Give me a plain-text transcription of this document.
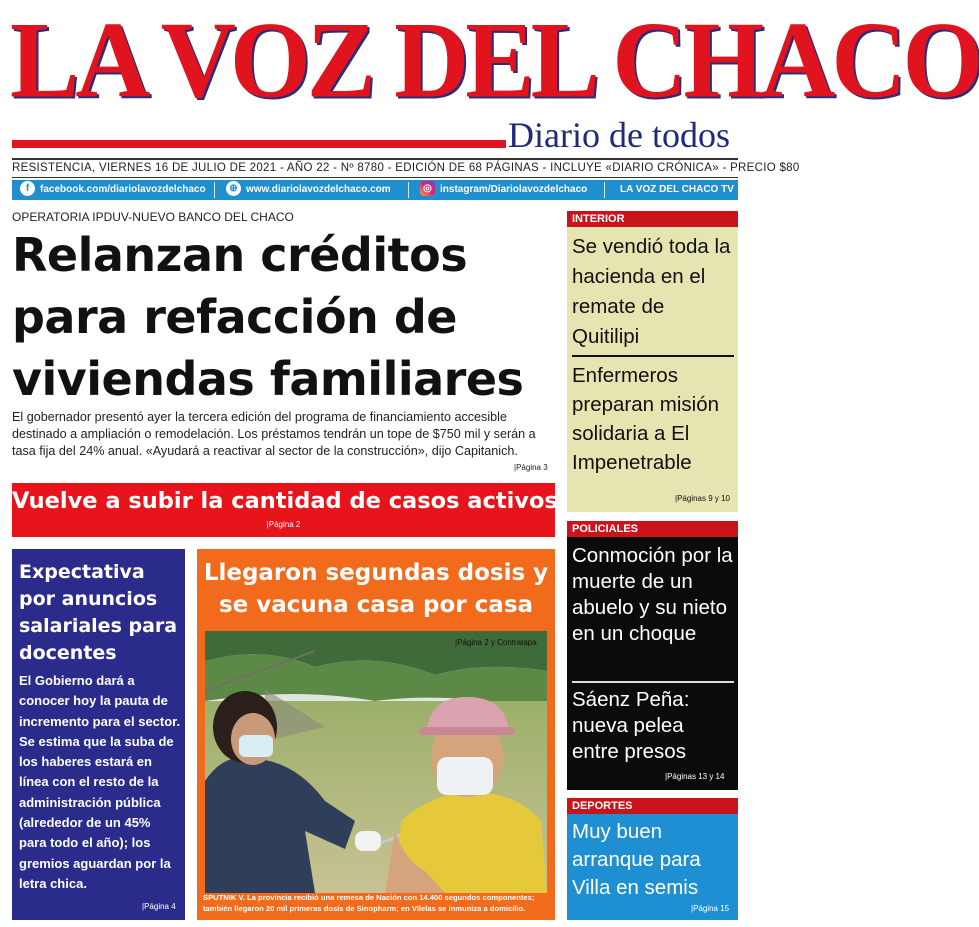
LA VOZ DEL CHACO
Diario de todos
RESISTENCIA, VIERNES 16 DE JULIO DE 2021 - AÑO 22 - Nº 8780 - EDICIÓN DE 68 PÁGINAS - INCLUYE «DIARIO CRÓNICA» - PRECIO $80
f facebook.com/diariolavozdelchaco	⊕ www.diariolavozdelchaco.com	◎ instagram/Diariolavozdelchaco	LA VOZ DEL CHACO TV
OPERATORIA IPDUV-NUEVO BANCO DEL CHACO
Relanzan créditos para refacción de viviendas familiares

El gobernador presentó ayer la tercera edición del programa de financiamiento accesible destinado a ampliación o remodelación. Los préstamos tendrán un tope de $750 mil y serán a tasa fija del 24% anual. «Ayudará a reactivar al sector de la construcción», dijo Capitanich.

|Página 3
Vuelve a subir la cantidad de casos activos
|Página 2
Expectativa por anuncios salariales para docentes

El Gobierno dará a conocer hoy la pauta de incremento para el sector. Se estima que la suba de los haberes estará en línea con el resto de la administración pública (alrededor de un 45% para todo el año); los gremios aguardan por la letra chica.

|Página 4
Llegaron segundas dosis y se vacuna casa por casa
|Página 2 y Contratapa

SPUTNIK V. La provincia recibió una remesa de Nación con 14.400 segundos componentes; también llegaron 20 mil primeras dosis de Sinopharm; en Vilelas se inmuniza a domicilio.

INTERIOR
Se vendió toda la hacienda en el remate de Quitilipi
Enfermeros preparan misión solidaria a El Impenetrable
|Páginas 9 y 10
POLICIALES
Conmoción por la muerte de un abuelo y su nieto en un choque
Sáenz Peña: nueva pelea entre presos
|Páginas 13 y 14
DEPORTES
Muy buen arranque para Villa en semis
|Página 15
